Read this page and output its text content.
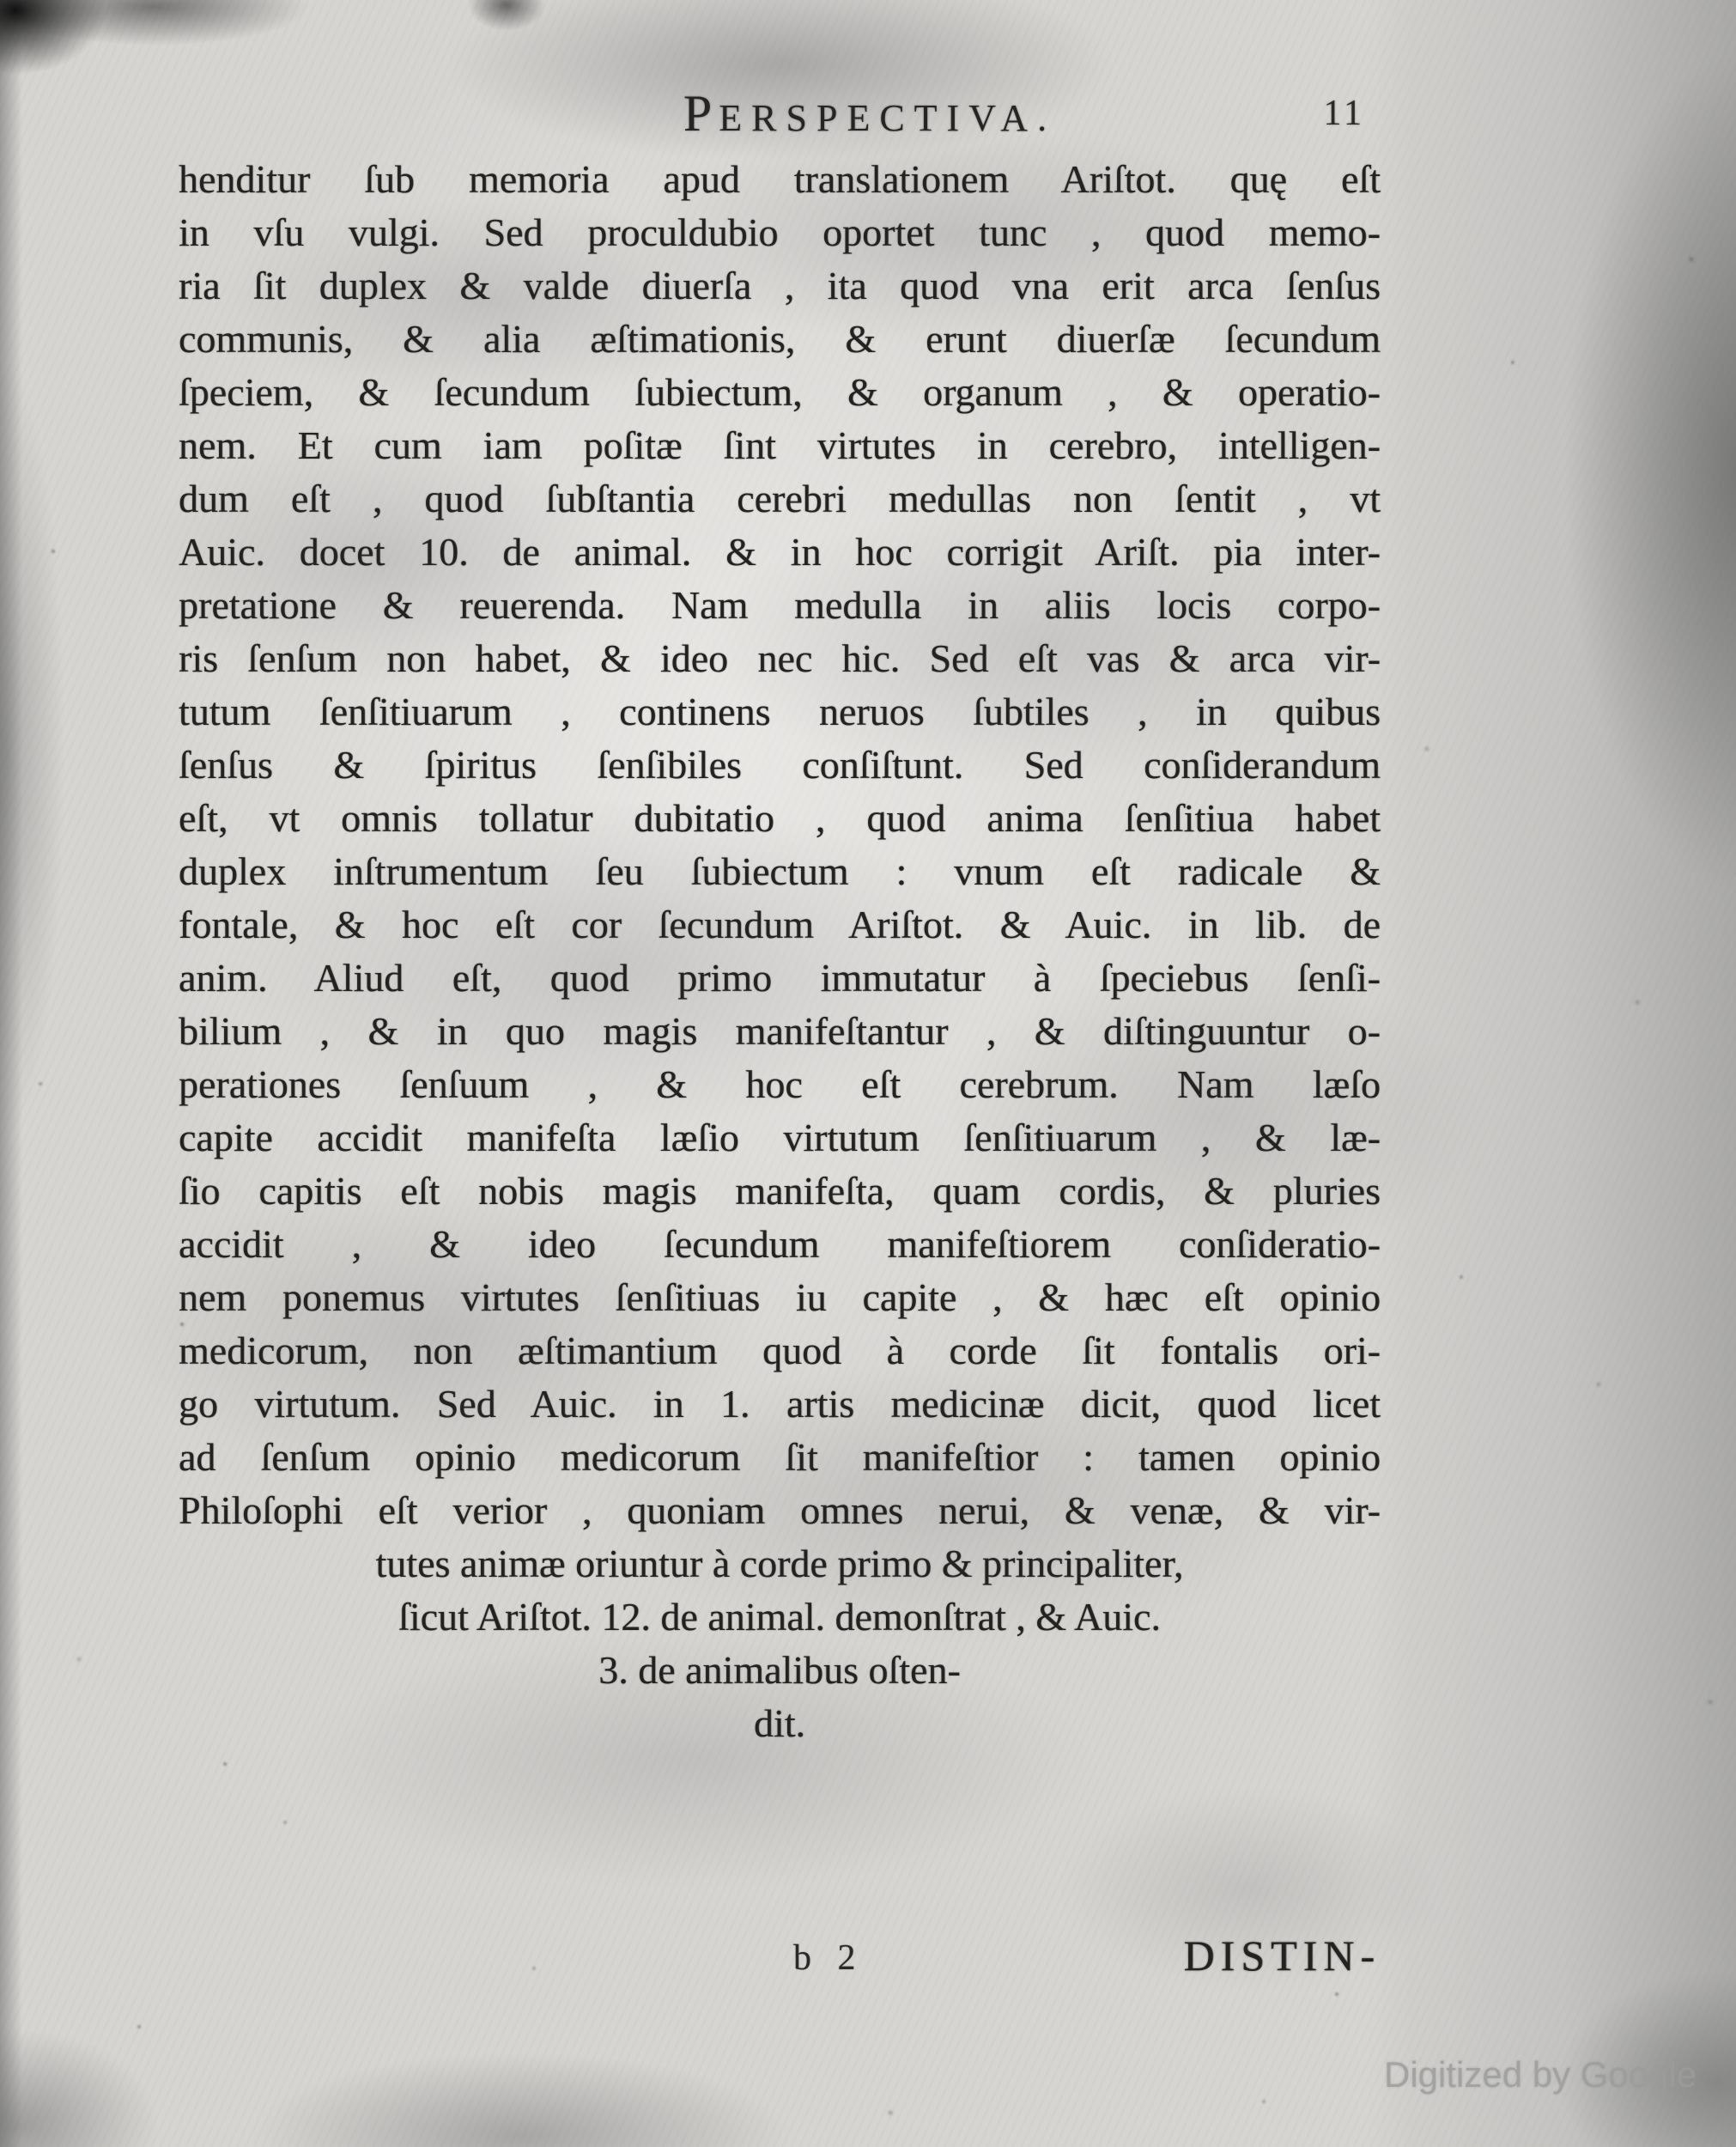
PERSPECTIVA.	11
henditur ſub memoria apud translationem Ariſtot. quę eſt
in vſu vulgi. Sed proculdubio oportet tunc , quod memo-
ria ſit duplex & valde diuerſa , ita quod vna erit arca ſenſus
communis, & alia æſtimationis, & erunt diuerſæ ſecundum
ſpeciem, & ſecundum ſubiectum, & organum , & operatio-
nem. Et cum iam poſitæ ſint virtutes in cerebro, intelligen-
dum eſt , quod ſubſtantia cerebri medullas non ſentit , vt
Auic. docet 10. de animal. & in hoc corrigit Ariſt. pia inter-
pretatione & reuerenda. Nam medulla in aliis locis corpo-
ris ſenſum non habet, & ideo nec hic. Sed eſt vas & arca vir-
tutum ſenſitiuarum , continens neruos ſubtiles , in quibus
ſenſus & ſpiritus ſenſibiles conſiſtunt. Sed conſiderandum
eſt, vt omnis tollatur dubitatio , quod anima ſenſitiua habet
duplex inſtrumentum ſeu ſubiectum : vnum eſt radicale &
fontale, & hoc eſt cor ſecundum Ariſtot. & Auic. in lib. de
anim. Aliud eſt, quod primo immutatur à ſpeciebus ſenſi-
bilium , & in quo magis manifeſtantur , & diſtinguuntur o-
perationes ſenſuum , & hoc eſt cerebrum. Nam læſo
capite accidit manifeſta læſio virtutum ſenſitiuarum , & læ-
ſio capitis eſt nobis magis manifeſta, quam cordis, & pluries
accidit , & ideo ſecundum manifeſtiorem conſideratio-
nem ponemus virtutes ſenſitiuas iu capite , & hæc eſt opinio
medicorum, non æſtimantium quod à corde ſit fontalis ori-
go virtutum. Sed Auic. in 1. artis medicinæ dicit, quod licet
ad ſenſum opinio medicorum ſit manifeſtior : tamen opinio
Philoſophi eſt verior , quoniam omnes nerui, & venæ, & vir-
tutes animæ oriuntur à corde primo & principaliter,
ſicut Ariſtot. 12. de animal. demonſtrat , & Auic.
3. de animalibus oſten-
dit.
b 2	DISTIN-
Digitized by Google
